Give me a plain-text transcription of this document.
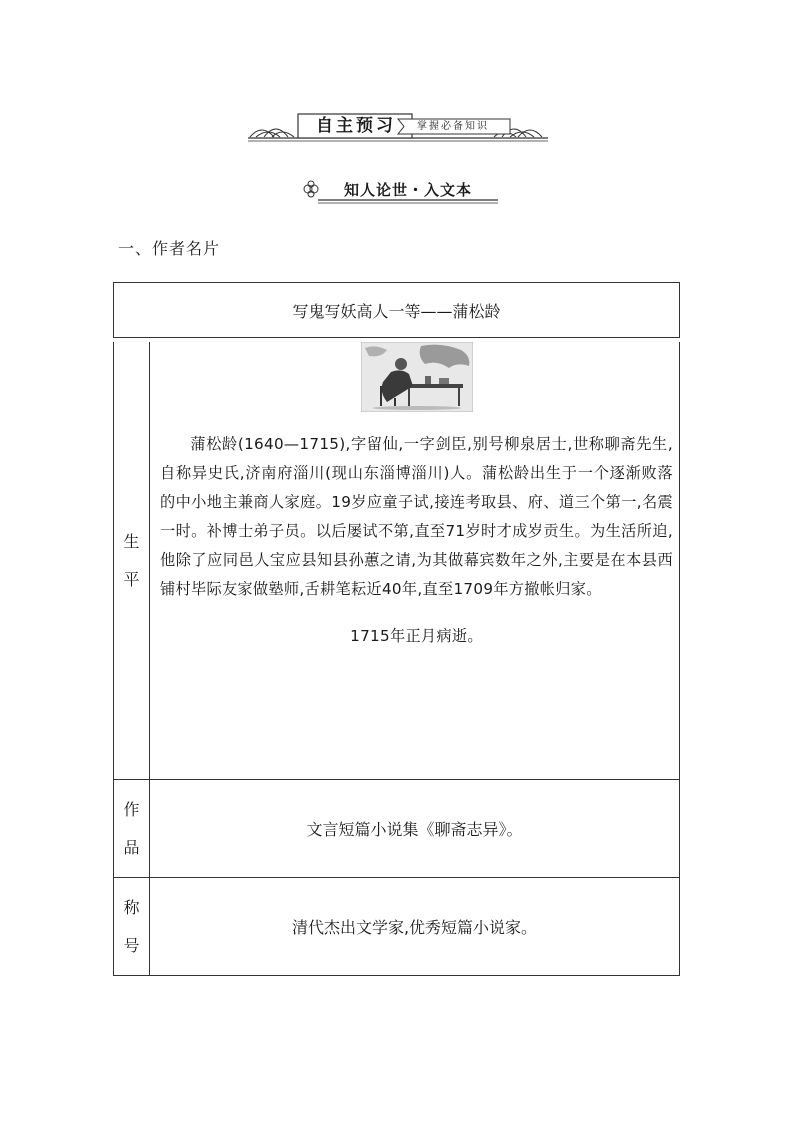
自主预习	掌握必备知识
知人论世・入文本
一、作者名片
写鬼写妖高人一等——蒲松龄
生
平
蒲松龄(1640—1715),字留仙,一字剑臣,别号柳泉居士,世称聊斋先生,自称异史氏,济南府淄川(现山东淄博淄川)人。蒲松龄出生于一个逐渐败落的中小地主兼商人家庭。19岁应童子试,接连考取县、府、道三个第一,名震一时。补博士弟子员。以后屡试不第,直至71岁时才成岁贡生。为生活所迫,他除了应同邑人宝应县知县孙蕙之请,为其做幕宾数年之外,主要是在本县西铺村毕际友家做塾师,舌耕笔耘近40年,直至1709年方撤帐归家。
1715年正月病逝。
作
品
文言短篇小说集《聊斋志异》。
称
号
清代杰出文学家,优秀短篇小说家。
